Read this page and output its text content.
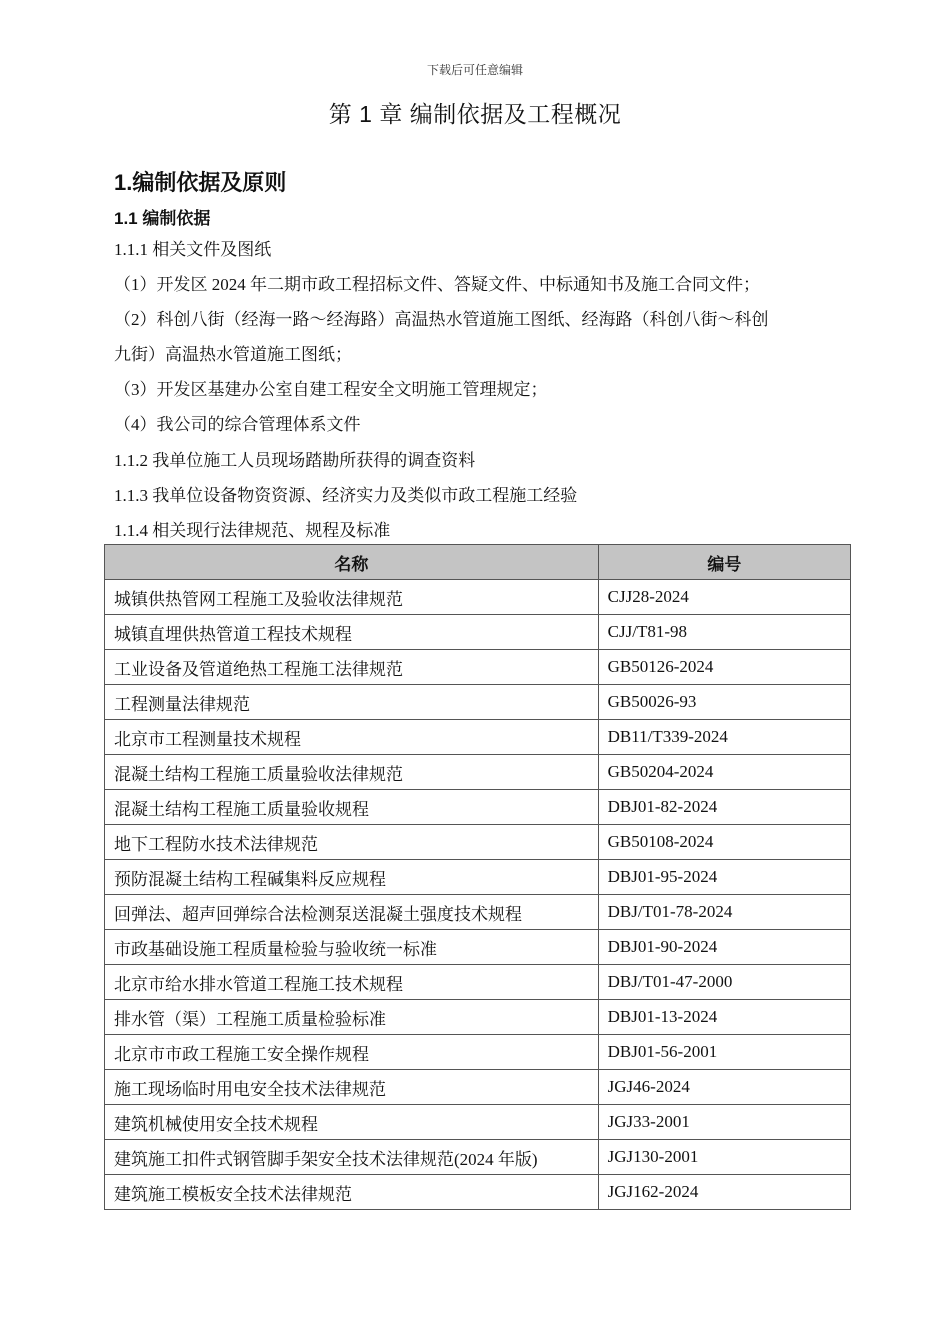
下载后可任意编辑
第 1 章 编制依据及工程概况
1.编制依据及原则
1.1 编制依据
1.1.1 相关文件及图纸
（1）开发区 2024 年二期市政工程招标文件、答疑文件、中标通知书及施工合同文件；
（2）科创八街（经海一路～经海路）高温热水管道施工图纸、经海路（科创八街～科创
九街）高温热水管道施工图纸；
（3）开发区基建办公室自建工程安全文明施工管理规定；
（4）我公司的综合管理体系文件
1.1.2 我单位施工人员现场踏勘所获得的调查资料
1.1.3 我单位设备物资资源、经济实力及类似市政工程施工经验
1.1.4 相关现行法律规范、规程及标准
名称	编号
城镇供热管网工程施工及验收法律规范	CJJ28-2024
城镇直埋供热管道工程技术规程	CJJ/T81-98
工业设备及管道绝热工程施工法律规范	GB50126-2024
工程测量法律规范	GB50026-93
北京市工程测量技术规程	DB11/T339-2024
混凝土结构工程施工质量验收法律规范	GB50204-2024
混凝土结构工程施工质量验收规程	DBJ01-82-2024
地下工程防水技术法律规范	GB50108-2024
预防混凝土结构工程碱集料反应规程	DBJ01-95-2024
回弹法、超声回弹综合法检测泵送混凝土强度技术规程	DBJ/T01-78-2024
市政基础设施工程质量检验与验收统一标准	DBJ01-90-2024
北京市给水排水管道工程施工技术规程	DBJ/T01-47-2000
排水管（渠）工程施工质量检验标准	DBJ01-13-2024
北京市市政工程施工安全操作规程	DBJ01-56-2001
施工现场临时用电安全技术法律规范	JGJ46-2024
建筑机械使用安全技术规程	JGJ33-2001
建筑施工扣件式钢管脚手架安全技术法律规范(2024 年版)	JGJ130-2001
建筑施工模板安全技术法律规范	JGJ162-2024
